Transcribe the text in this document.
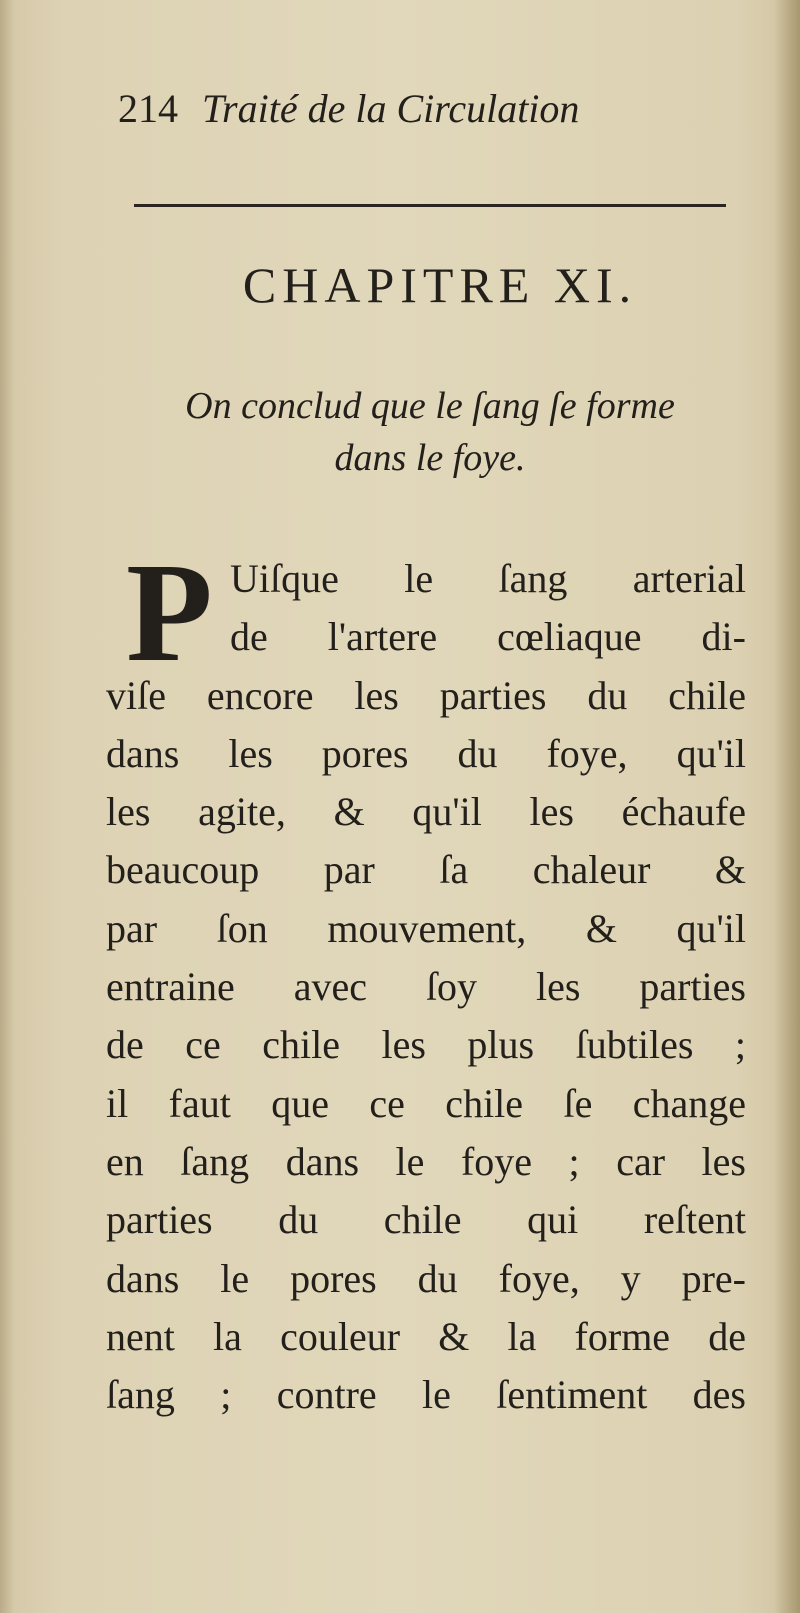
214 Traité de la Circulation
CHAPITRE XI.
On conclud que le ſang ſe forme
dans le foye.
P Uiſque le ſang arterial
de l'artere cœliaque di-
viſe encore les parties du chile
dans les pores du foye, qu'il
les agite, & qu'il les échaufe
beaucoup par ſa chaleur &
par ſon mouvement, & qu'il
entraine avec ſoy les parties
de ce chile les plus ſubtiles ;
il faut que ce chile ſe change
en ſang dans le foye ; car les
parties du chile qui reſtent
dans le pores du foye, y pre-
nent la couleur & la forme de
ſang ; contre le ſentiment des
